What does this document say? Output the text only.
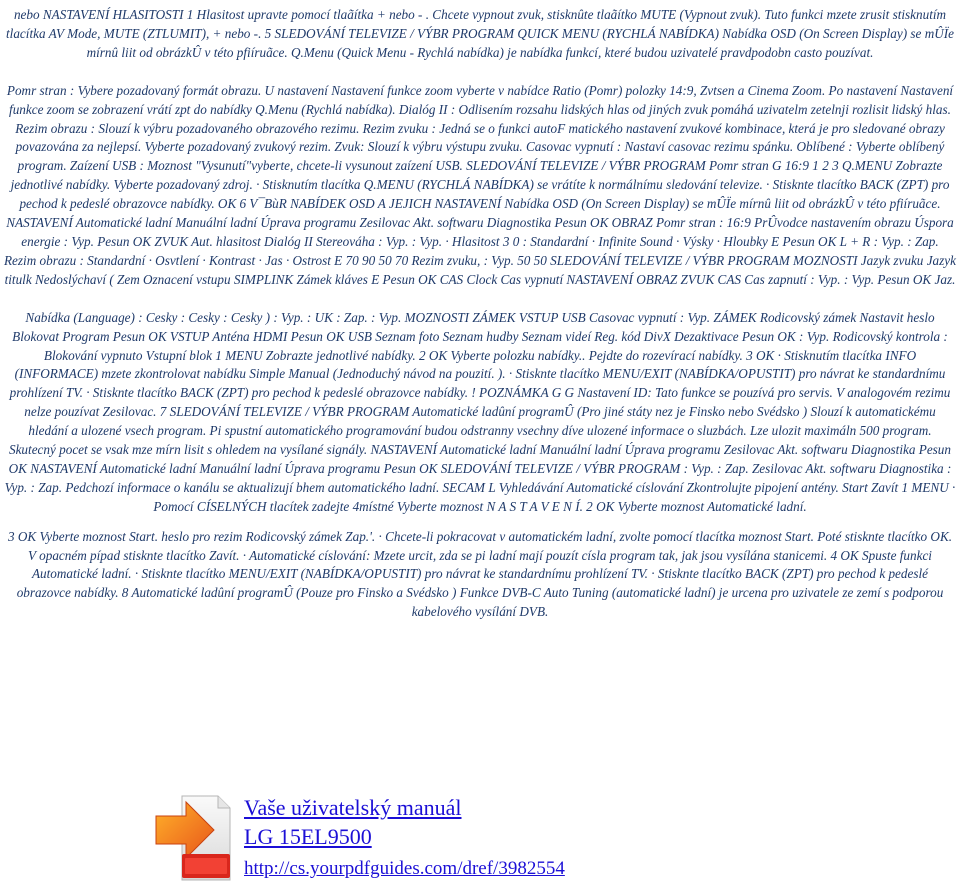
nebo NASTAVENÍ HLASITOSTI 1 Hlasitost upravte pomocí tlaãítka + nebo - . Chcete vypnout zvuk, stisknûte tlaãítko MUTE (Vypnout zvuk). Tuto funkci mzete zrusit stisknutím tlacítka AV Mode, MUTE (ZTLUMIT), + nebo -. 5 SLEDOVÁNÍ TELEVIZE / VÝBR PROGRAM QUICK MENU (RYCHLÁ NABÍDKA) Nabídka OSD (On Screen Display) se mÛÏe mírnû liit od obrázkÛ v této pfiíruãce. Q.Menu (Quick Menu - Rychlá nabídka) je nabídka funkcí, které budou uzivatelé pravdpodobn casto pouzívat.

Pomr stran : Vybere pozadovaný formát obrazu. U nastavení Nastavení funkce zoom vyberte v nabídce Ratio (Pomr) polozky 14:9, Zvtsen a Cinema Zoom. Po nastavení Nastavení funkce zoom se zobrazení vrátí zpt do nabídky Q.Menu (Rychlá nabídka). Dialóg II : Odlisením rozsahu lidských hlas od jiných zvuk pomáhá uzivatelm zetelnji rozlisit lidský hlas. Rezim obrazu : Slouzí k výbru pozadovaného obrazového rezimu. Rezim zvuku : Jedná se o funkci autoF matického nastavení zvukové kombinace, která je pro sledované obrazy povazována za nejlepsí. Vyberte pozadovaný zvukový rezim. Zvuk: Slouzí k výbru výstupu zvuku. Casovac vypnutí : Nastaví casovac rezimu spánku. Oblíbené : Vyberte oblíbený program. Zaízení USB : Moznost "Vysunutí"vyberte, chcete-li vysunout zaízení USB. SLEDOVÁNÍ TELEVIZE / VÝBR PROGRAM Pomr stran G 16:9 1 2 3 Q.MENU Zobrazte jednotlivé nabídky. Vyberte pozadovaný zdroj. · Stisknutím tlacítka Q.MENU (RYCHLÁ NABÍDKA) se vrátíte k normálnímu sledování televize. · Stisknte tlacítko BACK (ZPT) pro pechod k pedeslé obrazovce nabídky. OK 6 V¯BùR NABÍDEK OSD A JEJICH NASTAVENÍ Nabídka OSD (On Screen Display) se mÛÏe mírnû liit od obrázkÛ v této pfiíruãce. NASTAVENÍ Automatické ladní Manuální ladní Úprava programu Zesilovac Akt. softwaru Diagnostika Pesun OK OBRAZ Pomr stran : 16:9 PrÛvodce nastavením obrazu Úspora energie : Vyp. Pesun OK ZVUK Aut. hlasitost Dialóg II Stereováha : Vyp. : Vyp. · Hlasitost 3 0 : Standardní · Infinite Sound · Výsky · Hloubky E Pesun OK L + R : Vyp. : Zap. Rezim obrazu : Standardní · Osvtlení · Kontrast · Jas · Ostrost E 70 90 50 70 Rezim zvuku, : Vyp. 50 50 SLEDOVÁNÍ TELEVIZE / VÝBR PROGRAM MOZNOSTI Jazyk zvuku Jazyk titulk Nedoslýchaví ( Zem Oznacení vstupu SIMPLINK Zámek kláves E Pesun OK CAS Clock Cas vypnutí NASTAVENÍ OBRAZ ZVUK CAS Cas zapnutí : Vyp. : Vyp. Pesun OK Jaz.

Nabídka (Language) : Cesky : Cesky : Cesky ) : Vyp. : UK : Zap. : Vyp. MOZNOSTI ZÁMEK VSTUP USB Casovac vypnutí : Vyp. ZÁMEK Rodicovský zámek Nastavit heslo Blokovat Program Pesun OK VSTUP Anténa HDMI Pesun OK USB Seznam foto Seznam hudby Seznam videí Reg. kód DivX Dezaktivace Pesun OK : Vyp. Rodicovský kontrola : Blokování vypnuto Vstupní blok 1 MENU Zobrazte jednotlivé nabídky. 2 OK Vyberte polozku nabídky.. Pejdte do rozevírací nabídky. 3 OK · Stisknutím tlacítka INFO (INFORMACE) mzete zkontrolovat nabídku Simple Manual (Jednoduchý návod na pouzití. ). · Stisknte tlacítko MENU/EXIT (NABÍDKA/OPUSTIT) pro návrat ke standardnímu prohlízení TV. · Stisknte tlacítko BACK (ZPT) pro pechod k pedeslé obrazovce nabídky. ! POZNÁMKA G G Nastavení ID: Tato funkce se pouzívá pro servis. V analogovém rezimu nelze pouzívat Zesilovac. 7 SLEDOVÁNÍ TELEVIZE / VÝBR PROGRAM Automatické ladûní programÛ (Pro jiné státy nez je Finsko nebo Svédsko ) Slouzí k automatickému hledání a ulozené vsech program. Pi spustní automatického programování budou odstranny vsechny díve ulozené informace o sluzbách. Lze ulozit maximáln 500 program. Skutecný pocet se vsak mze mírn lisit s ohledem na vysílané signály. NASTAVENÍ Automatické ladní Manuální ladní Úprava programu Zesilovac Akt. softwaru Diagnostika Pesun OK NASTAVENÍ Automatické ladní Manuální ladní Úprava programu Pesun OK SLEDOVÁNÍ TELEVIZE / VÝBR PROGRAM : Vyp. : Zap. Zesilovac Akt. softwaru Diagnostika : Vyp. : Zap. Pedchozí informace o kanálu se aktualizují bhem automatického ladní. SECAM L Vyhledávání Automatické císlování Zkontrolujte pipojení antény. Start Zavít 1 MENU · Pomocí CÍSELNÝCH tlacítek zadejte 4místné Vyberte moznost N A S T A V E N Í. 2 OK Vyberte moznost Automatické ladní.

3 OK Vyberte moznost Start. heslo pro rezim Rodicovský zámek Zap.'. · Chcete-li pokracovat v automatickém ladní, zvolte pomocí tlacítka moznost Start. Poté stisknte tlacítko OK. V opacném pípad stisknte tlacítko Zavít. · Automatické císlování: Mzete urcit, zda se pi ladní mají pouzít císla program tak, jak jsou vysílána stanicemi. 4 OK Spuste funkci Automatické ladní. · Stisknte tlacítko MENU/EXIT (NABÍDKA/OPUSTIT) pro návrat ke standardnímu prohlízení TV. · Stisknte tlacítko BACK (ZPT) pro pechod k pedeslé obrazovce nabídky. 8 Automatické ladûní programÛ (Pouze pro Finsko a Svédsko ) Funkce DVB-C Auto Tuning (automatické ladní) je urcena pro uzivatele ze zemí s podporou kabelového vysílání DVB.

Vaše uživatelský manuál
LG 15EL9500
http://cs.yourpdfguides.com/dref/3982554
